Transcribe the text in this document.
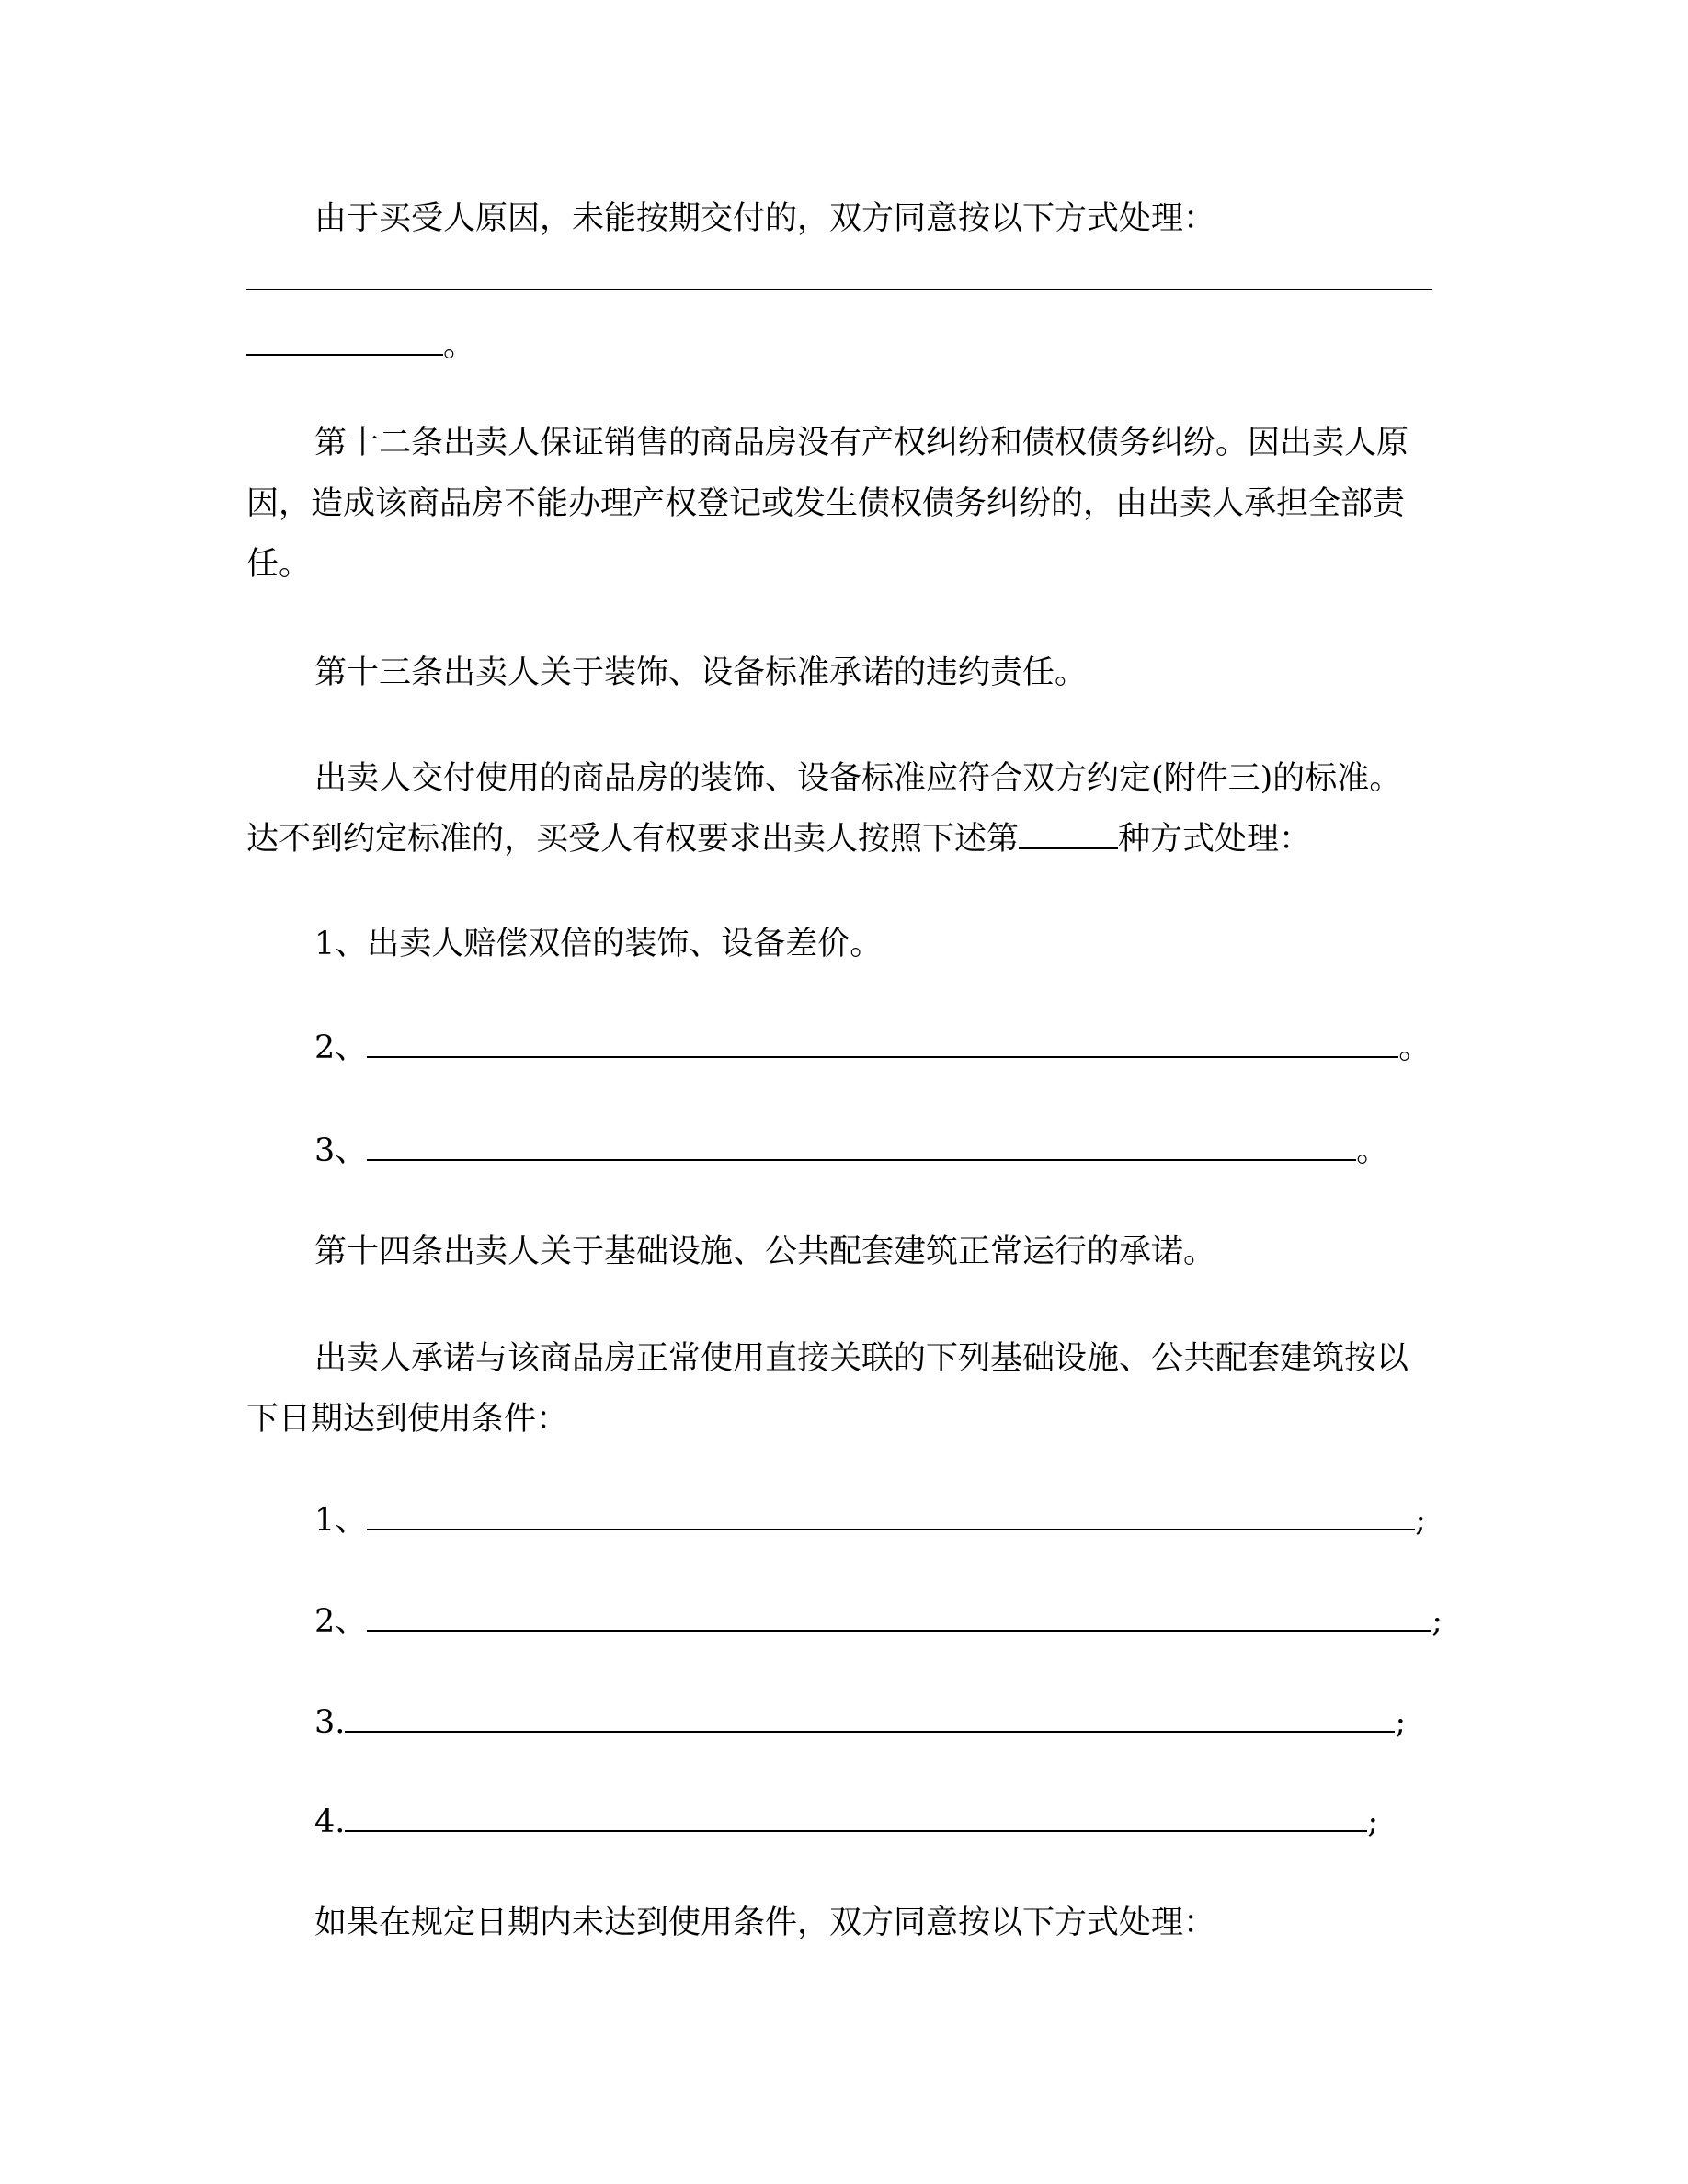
由于买受人原因，未能按期交付的，双方同意按以下方式处理：
。
第十二条出卖人保证销售的商品房没有产权纠纷和债权债务纠纷。因出卖人原
因，造成该商品房不能办理产权登记或发生债权债务纠纷的，由出卖人承担全部责
任。
第十三条出卖人关于装饰、设备标准承诺的违约责任。
出卖人交付使用的商品房的装饰、设备标准应符合双方约定(附件三)的标准。
达不到约定标准的，买受人有权要求出卖人按照下述第	种方式处理：
1、出卖人赔偿双倍的装饰、设备差价。
2、	。
3、	。
第十四条出卖人关于基础设施、公共配套建筑正常运行的承诺。
出卖人承诺与该商品房正常使用直接关联的下列基础设施、公共配套建筑按以
下日期达到使用条件：
1、	;
2、	;
3.	;
4.	;
如果在规定日期内未达到使用条件，双方同意按以下方式处理：
